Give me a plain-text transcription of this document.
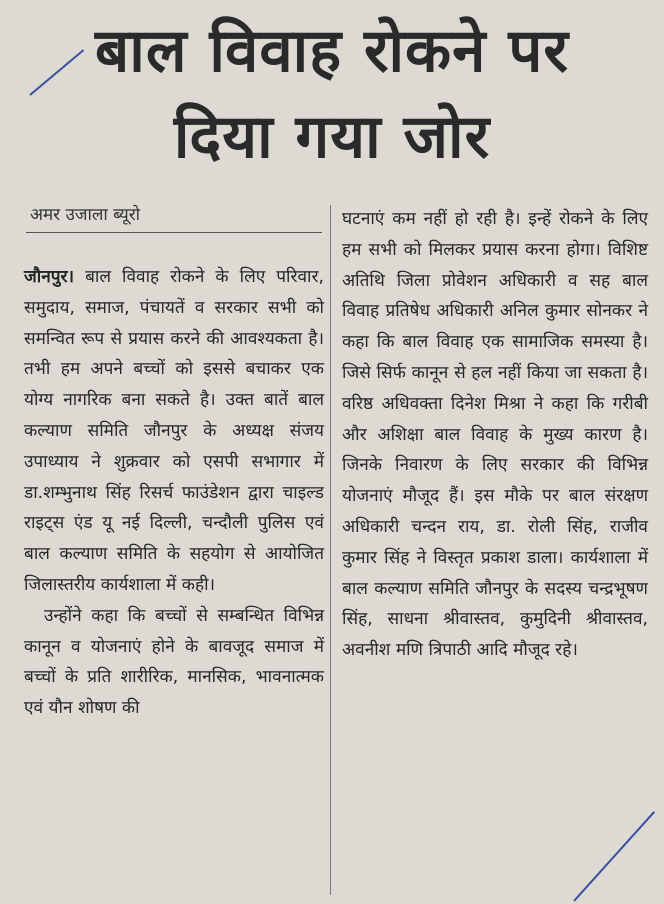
बाल विवाह रोकने पर
दिया गया जोर
अमर उजाला ब्यूरो

जौनपुर। बाल विवाह रोकने के लिए परिवार, समुदाय, समाज, पंचायतें व सरकार सभी को समन्वित रूप से प्रयास करने की आवश्यकता है। तभी हम अपने बच्चों को इससे बचाकर एक योग्य नागरिक बना सकते है। उक्त बातें बाल कल्याण समिति जौनपुर के अध्यक्ष संजय उपाध्याय ने शुक्रवार को एसपी सभागार में डा.शम्भुनाथ सिंह रिसर्च फाउंडेशन द्वारा चाइल्ड राइट्स एंड यू नई दिल्ली, चन्दौली पुलिस एवं बाल कल्याण समिति के सहयोग से आयोजित जिलास्तरीय कार्यशाला में कही।

उन्होंने कहा कि बच्चों से सम्बन्धित विभिन्न कानून व योजनाएं होने के बावजूद समाज में बच्चों के प्रति शारीरिक, मानसिक, भावनात्मक एवं यौन शोषण की

घटनाएं कम नहीं हो रही है। इन्हें रोकने के लिए हम सभी को मिलकर प्रयास करना होगा। विशिष्ट अतिथि जिला प्रोवेशन अधिकारी व सह बाल विवाह प्रतिषेध अधिकारी अनिल कुमार सोनकर ने कहा कि बाल विवाह एक सामाजिक समस्या है। जिसे सिर्फ कानून से हल नहीं किया जा सकता है। वरिष्ठ अधिवक्ता दिनेश मिश्रा ने कहा कि गरीबी और अशिक्षा बाल विवाह के मुख्य कारण है। जिनके निवारण के लिए सरकार की विभिन्न योजनाएं मौजूद हैं। इस मौके पर बाल संरक्षण अधिकारी चन्दन राय, डा. रोली सिंह, राजीव कुमार सिंह ने विस्तृत प्रकाश डाला। कार्यशाला में बाल कल्याण समिति जौनपुर के सदस्य चन्द्रभूषण सिंह, साधना श्रीवास्तव, कुमुदिनी श्रीवास्तव, अवनीश मणि त्रिपाठी आदि मौजूद रहे।
